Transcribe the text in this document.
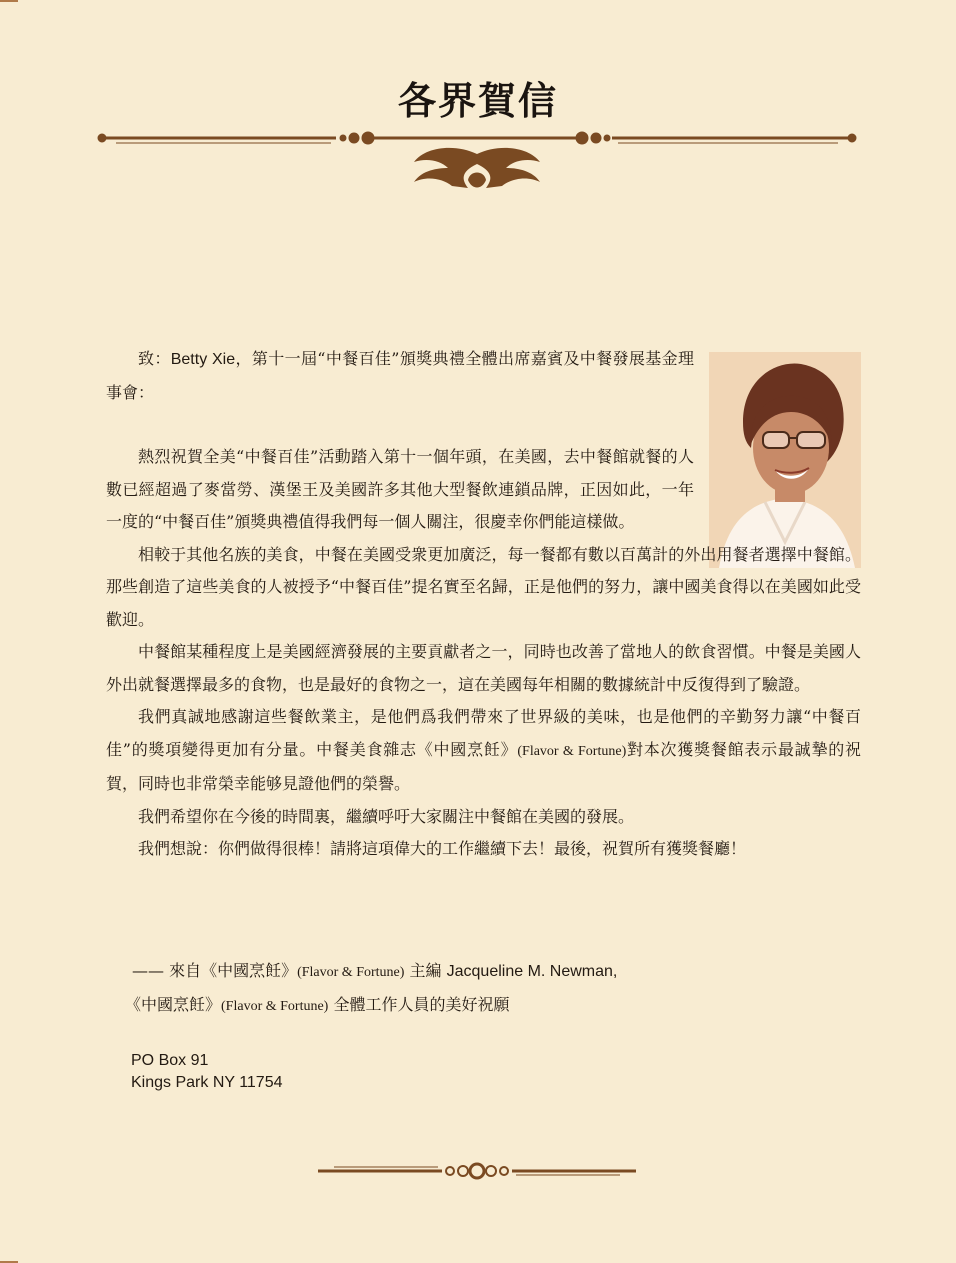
各界賀信

致：Betty Xie，第十一屆“中餐百佳”頒獎典禮全體出席嘉賓及中餐發展基金理事會：

熱烈祝賀全美“中餐百佳”活動踏入第十一個年頭，在美國，去中餐館就餐的人數已經超過了麥當勞、漢堡王及美國許多其他大型餐飲連鎖品牌，正因如此，一年一度的“中餐百佳”頒獎典禮值得我們每一個人關注，很慶幸你們能這樣做。

相較于其他名族的美食，中餐在美國受衆更加廣泛，每一餐都有數以百萬計的外出用餐者選擇中餐館。那些創造了這些美食的人被授予“中餐百佳”提名實至名歸，正是他們的努力，讓中國美食得以在美國如此受歡迎。

中餐館某種程度上是美國經濟發展的主要貢獻者之一，同時也改善了當地人的飲食習慣。中餐是美國人外出就餐選擇最多的食物，也是最好的食物之一，這在美國每年相關的數據統計中反復得到了驗證。

我們真誠地感謝這些餐飲業主，是他們爲我們帶來了世界級的美味，也是他們的辛勤努力讓“中餐百佳”的獎項變得更加有分量。中餐美食雜志《中國烹飪》(Flavor & Fortune)對本次獲獎餐館表示最誠摯的祝賀，同時也非常榮幸能够見證他們的榮譽。

我們希望你在今後的時間裏，繼續呼吁大家關注中餐館在美國的發展。

我們想說：你們做得很棒！請將這項偉大的工作繼續下去！最後，祝賀所有獲獎餐廳！

—— 來自《中國烹飪》(Flavor & Fortune) 主編 Jacqueline M. Newman,
《中國烹飪》(Flavor & Fortune) 全體工作人員的美好祝願
PO Box 91
Kings Park NY 11754
